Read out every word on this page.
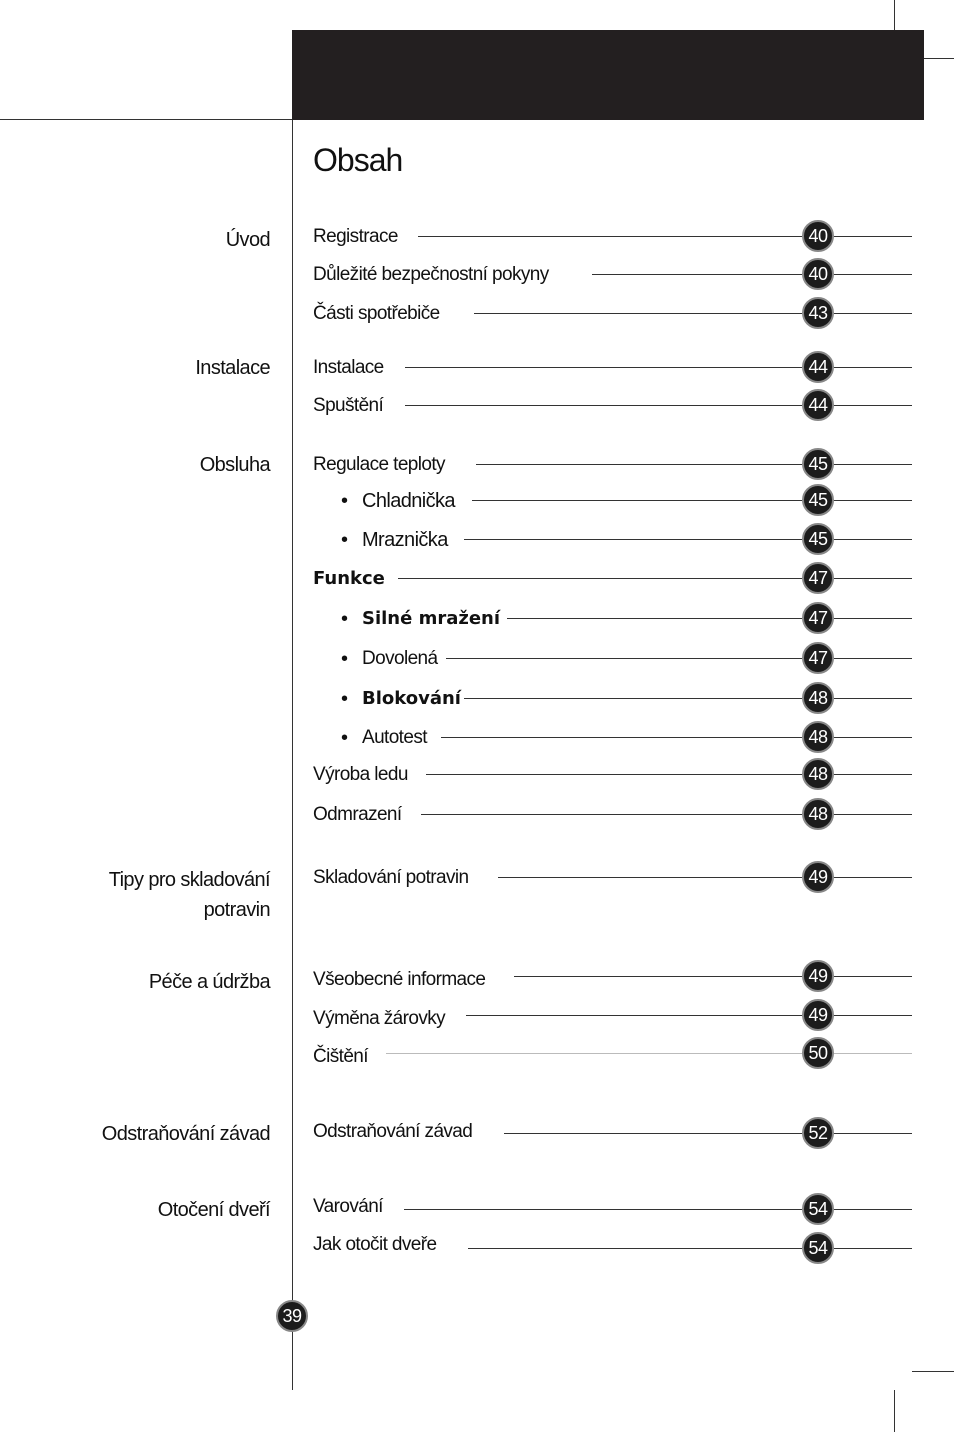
Obsah
Úvod
Instalace
Obsluha
Tipy pro skladování potravin
Péče a údržba
Odstraňování závad
Otočení dveří
Registrace	40
Důležité bezpečnostní pokyny	40
Části spotřebiče	43
Instalace	44
Spuštění	44
Regulace teploty	45
• Chladnička	45
• Mraznička	45
Funkce	47
• Silné mražení	47
• Dovolená	47
• Blokování	48
• Autotest	48
Výroba ledu	48
Odmrazení	48
Skladování potravin	49
Všeobecné informace	49
Výměna žárovky	49
Čištění	50
Odstraňování závad	52
Varování	54
Jak otočit dveře	54
39
